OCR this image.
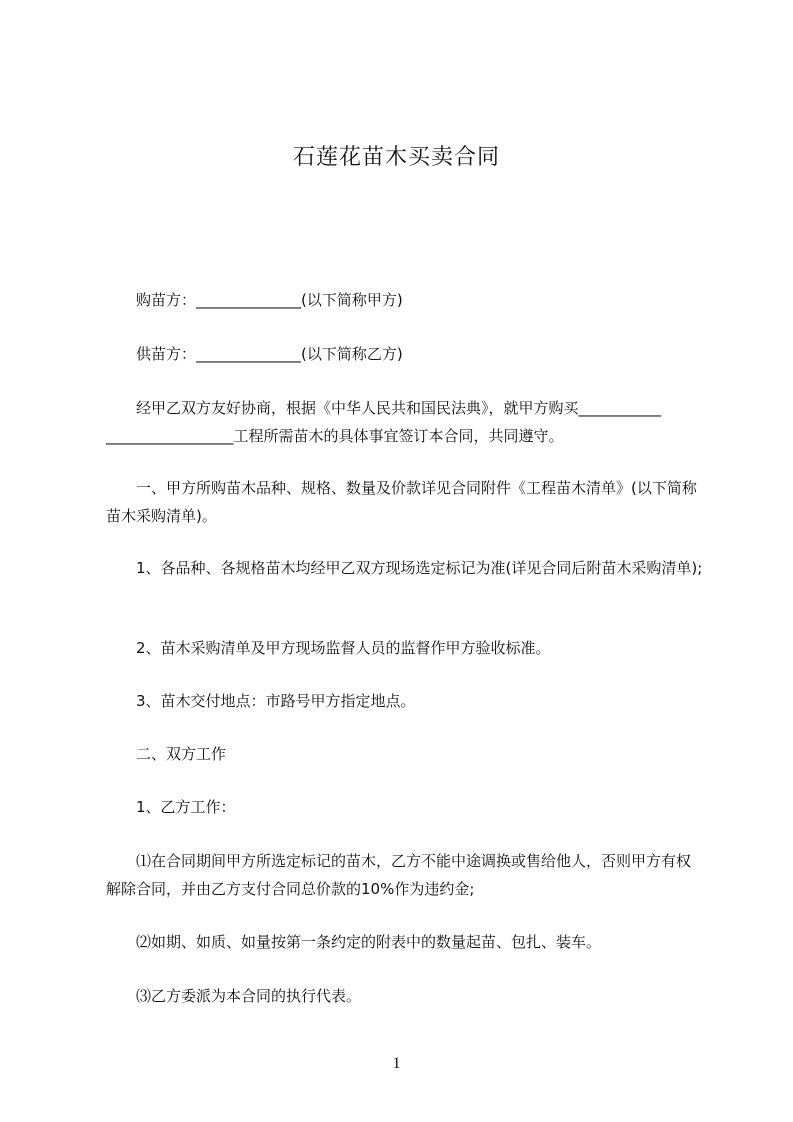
石莲花苗木买卖合同

购苗方：______________(以下简称甲方)

供苗方：______________(以下简称乙方)

经甲乙双方友好协商，根据《中华人民共和国民法典》，就甲方购买___________ _________________工程所需苗木的具体事宜签订本合同，共同遵守。

一、甲方所购苗木品种、规格、数量及价款详见合同附件《工程苗木清单》(以下简称苗木采购清单)。

1、各品种、各规格苗木均经甲乙双方现场选定标记为准(详见合同后附苗木采购清单);

2、苗木采购清单及甲方现场监督人员的监督作甲方验收标准。

3、苗木交付地点：市路号甲方指定地点。

二、双方工作

1、乙方工作：

⑴在合同期间甲方所选定标记的苗木，乙方不能中途调换或售给他人，否则甲方有权解除合同，并由乙方支付合同总价款的10%作为违约金;

⑵如期、如质、如量按第一条约定的附表中的数量起苗、包扎、装车。

⑶乙方委派为本合同的执行代表。

1
